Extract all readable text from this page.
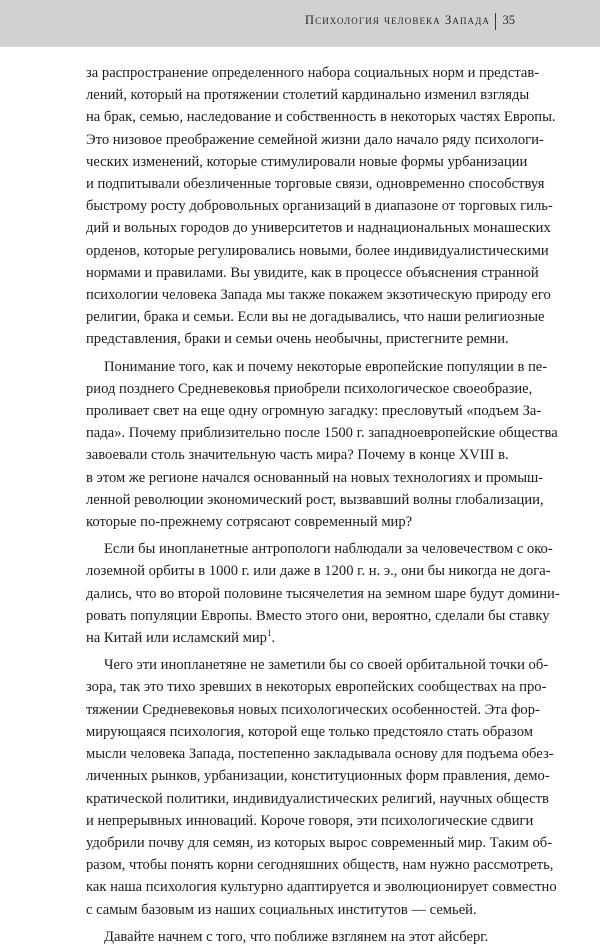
Психология человека Запада 35

за распространение определенного набора социальных норм и представ-
лений, который на протяжении столетий кардинально изменил взгляды
на брак, семью, наследование и собственность в некоторых частях Европы.
Это низовое преображение семейной жизни дало начало ряду психологи-
ческих изменений, которые стимулировали новые формы урбанизации
и подпитывали обезличенные торговые связи, одновременно способствуя
быстрому росту добровольных организаций в диапазоне от торговых гиль-
дий и вольных городов до университетов и наднациональных монашеских
орденов, которые регулировались новыми, более индивидуалистическими
нормами и правилами. Вы увидите, как в процессе объяснения странной
психологии человека Запада мы также покажем экзотическую природу его
религии, брака и семьи. Если вы не догадывались, что наши религиозные
представления, браки и семьи очень необычны, пристегните ремни.

Понимание того, как и почему некоторые европейские популяции в пе-
риод позднего Средневековья приобрели психологическое своеобразие,
проливает свет на еще одну огромную загадку: пресловутый «подъем За-
пада». Почему приблизительно после 1500 г. западноевропейские общества
завоевали столь значительную часть мира? Почему в конце XVIII в.
в этом же регионе начался основанный на новых технологиях и промыш-
ленной революции экономический рост, вызвавший волны глобализации,
которые по-прежнему сотрясают современный мир?

Если бы инопланетные антропологи наблюдали за человечеством с око-
лоземной орбиты в 1000 г. или даже в 1200 г. н. э., они бы никогда не дога-
дались, что во второй половине тысячелетия на земном шаре будут домини-
ровать популяции Европы. Вместо этого они, вероятно, сделали бы ставку
на Китай или исламский мир$^1$.

Чего эти инопланетяне не заметили бы со своей орбитальной точки об-
зора, так это тихо зревших в некоторых европейских сообществах на про-
тяжении Средневековья новых психологических особенностей. Эта фор-
мирующаяся психология, которой еще только предстояло стать образом
мысли человека Запада, постепенно закладывала основу для подъема обез-
личенных рынков, урбанизации, конституционных форм правления, демо-
кратической политики, индивидуалистических религий, научных обществ
и непрерывных инноваций. Короче говоря, эти психологические сдвиги
удобрили почву для семян, из которых вырос современный мир. Таким об-
разом, чтобы понять корни сегодняшних обществ, нам нужно рассмотреть,
как наша психология культурно адаптируется и эволюционирует совместно
с самым базовым из наших социальных институтов — семьей.

Давайте начнем с того, что поближе взглянем на этот айсберг.
